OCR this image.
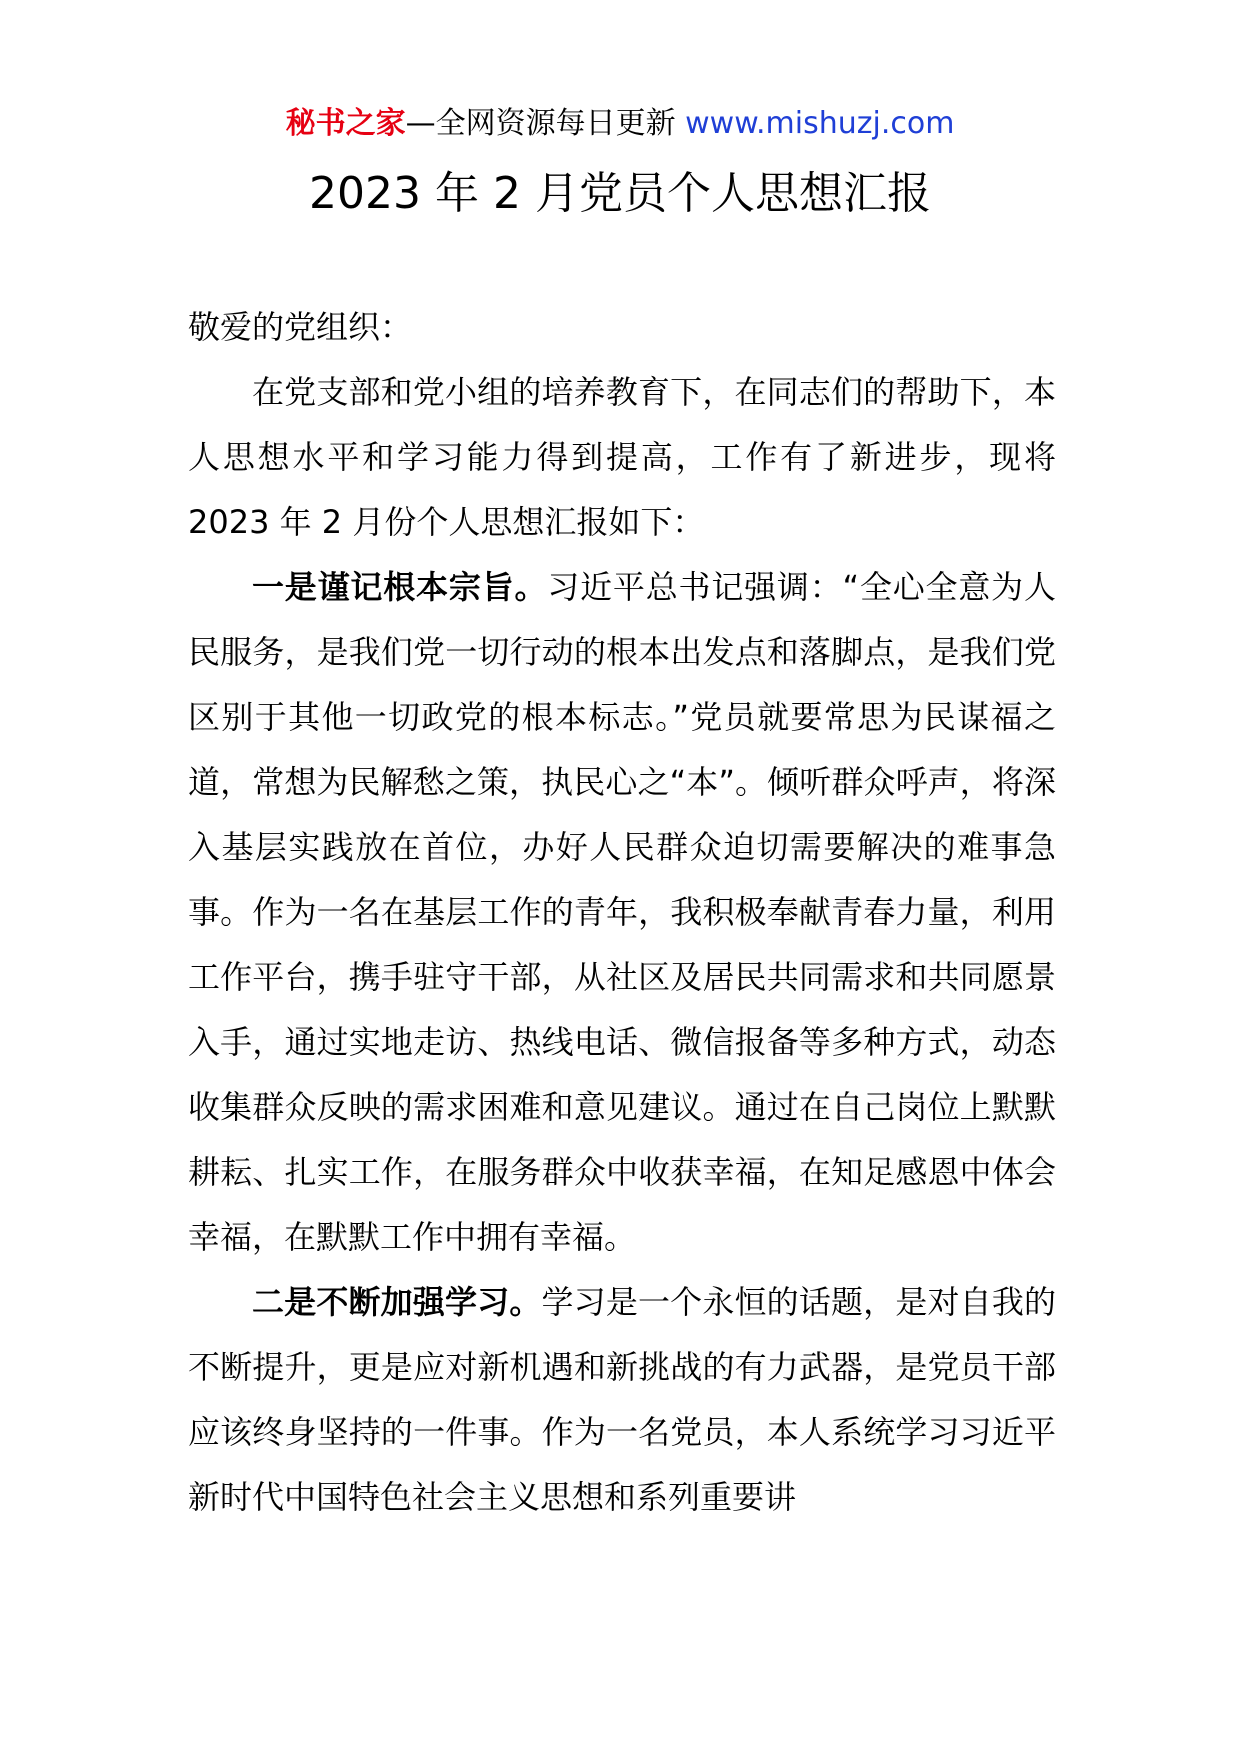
秘书之家—全网资源每日更新 www.mishuzj.com
2023 年 2 月党员个人思想汇报

敬爱的党组织：

在党支部和党小组的培养教育下，在同志们的帮助下，本人思想水平和学习能力得到提高，工作有了新进步，现将 2023 年 2 月份个人思想汇报如下：

一是谨记根本宗旨。习近平总书记强调：“全心全意为人民服务，是我们党一切行动的根本出发点和落脚点，是我们党区别于其他一切政党的根本标志。”党员就要常思为民谋福之道，常想为民解愁之策，执民心之“本”。倾听群众呼声，将深入基层实践放在首位，办好人民群众迫切需要解决的难事急事。作为一名在基层工作的青年，我积极奉献青春力量，利用工作平台，携手驻守干部，从社区及居民共同需求和共同愿景入手，通过实地走访、热线电话、微信报备等多种方式，动态收集群众反映的需求困难和意见建议。通过在自己岗位上默默耕耘、扎实工作，在服务群众中收获幸福，在知足感恩中体会幸福，在默默工作中拥有幸福。

二是不断加强学习。学习是一个永恒的话题，是对自我的不断提升，更是应对新机遇和新挑战的有力武器，是党员干部应该终身坚持的一件事。作为一名党员，本人系统学习习近平新时代中国特色社会主义思想和系列重要讲
